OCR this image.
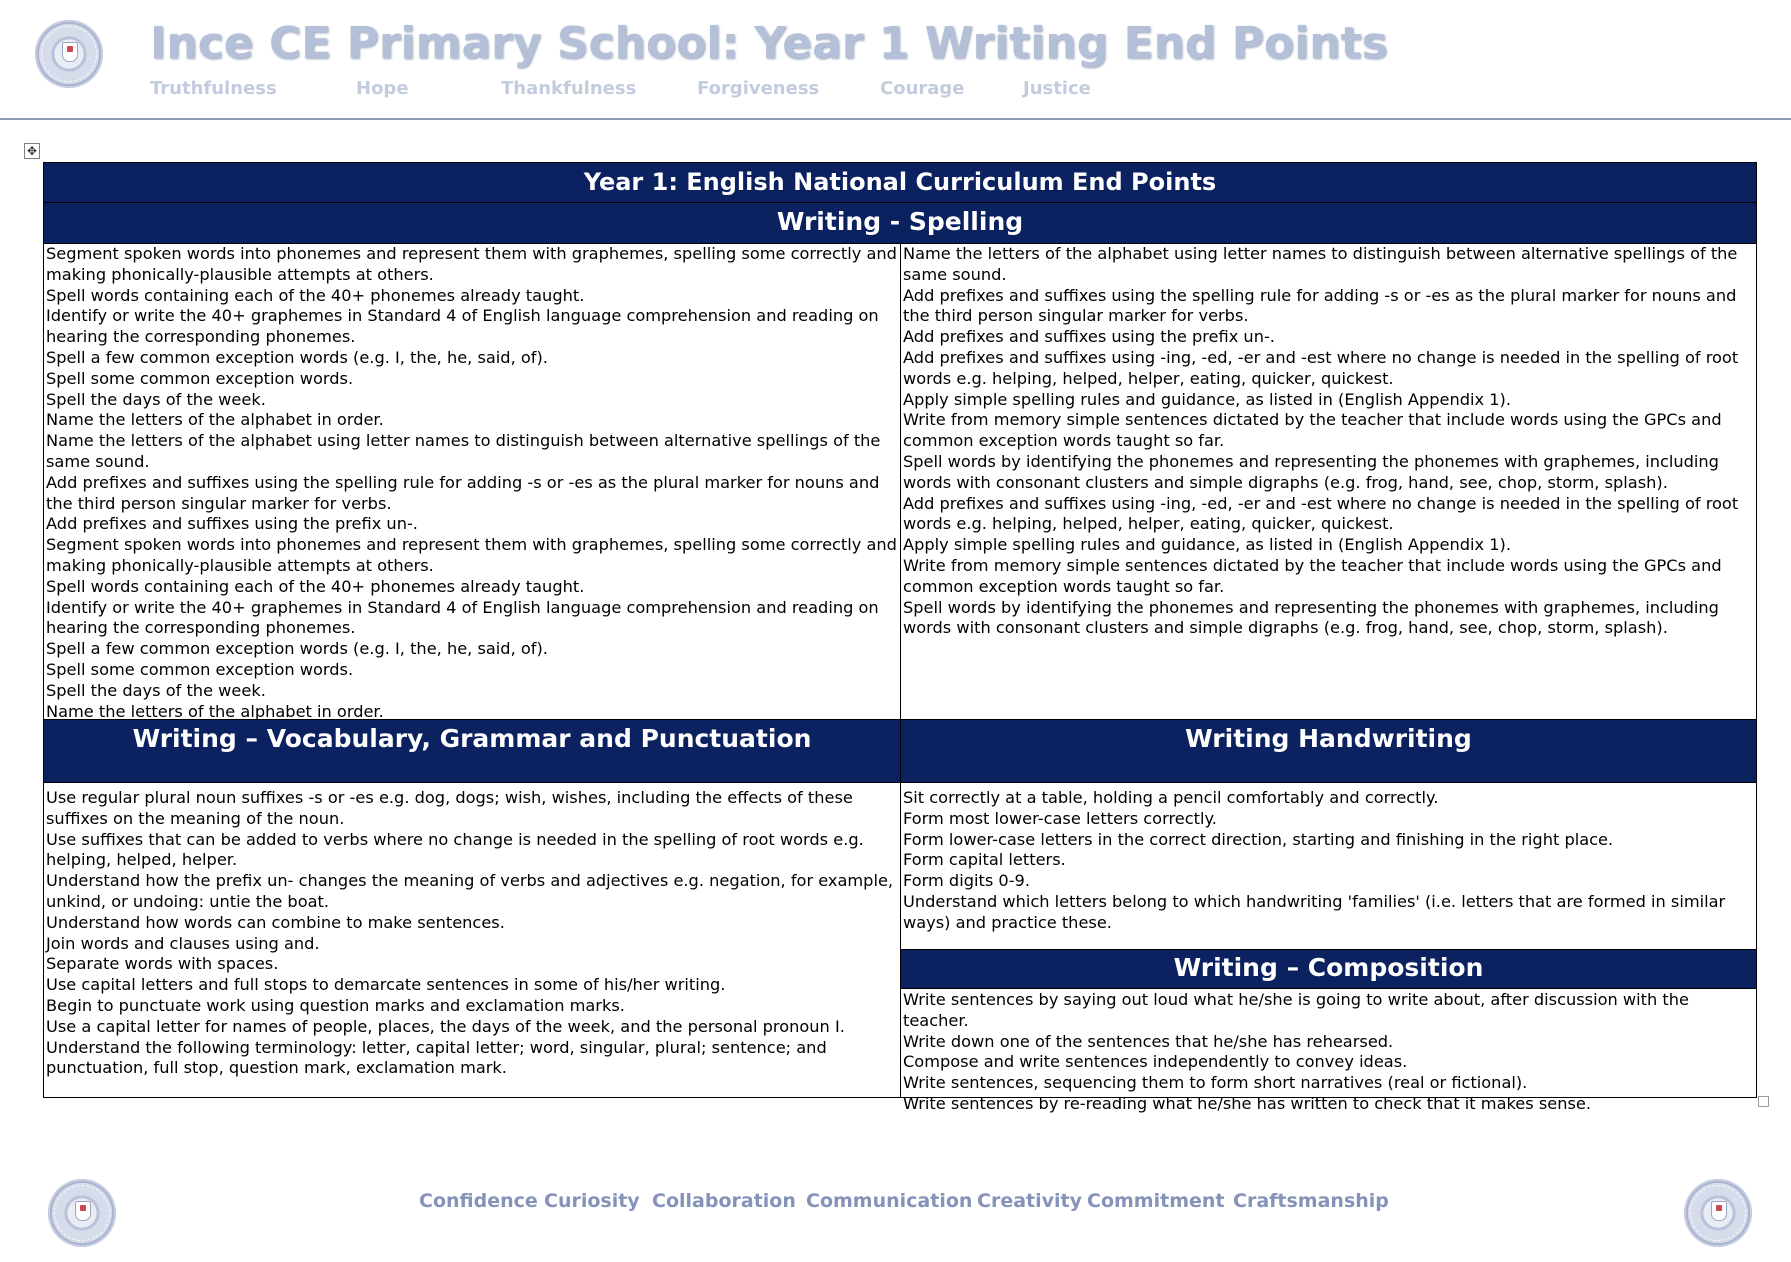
Ince CE Primary School: Year 1 Writing End Points
Truthfulness	Hope	Thankfulness	Forgiveness	Courage	Justice
✥
Year 1: English National Curriculum End Points
Writing - Spelling

Segment spoken words into phonemes and represent them with graphemes, spelling some correctly and making phonically-plausible attempts at others.

Spell words containing each of the 40+ phonemes already taught.

Identify or write the 40+ graphemes in Standard 4 of English language comprehension and reading on hearing the corresponding phonemes.

Spell a few common exception words (e.g. I, the, he, said, of).

Spell some common exception words.

Spell the days of the week.

Name the letters of the alphabet in order.

Name the letters of the alphabet using letter names to distinguish between alternative spellings of the same sound.

Add prefixes and suffixes using the spelling rule for adding -s or -es as the plural marker for nouns and the third person singular marker for verbs.

Add prefixes and suffixes using the prefix un-.

Segment spoken words into phonemes and represent them with graphemes, spelling some correctly and making phonically-plausible attempts at others.

Spell words containing each of the 40+ phonemes already taught.

Identify or write the 40+ graphemes in Standard 4 of English language comprehension and reading on hearing the corresponding phonemes.

Spell a few common exception words (e.g. I, the, he, said, of).

Spell some common exception words.

Spell the days of the week.

Name the letters of the alphabet in order.

Name the letters of the alphabet using letter names to distinguish between alternative spellings of the same sound.

Add prefixes and suffixes using the spelling rule for adding -s or -es as the plural marker for nouns and the third person singular marker for verbs.

Add prefixes and suffixes using the prefix un-.

Add prefixes and suffixes using -ing, -ed, -er and -est where no change is needed in the spelling of root words e.g. helping, helped, helper, eating, quicker, quickest.

Apply simple spelling rules and guidance, as listed in (English Appendix 1).

Write from memory simple sentences dictated by the teacher that include words using the GPCs and common exception words taught so far.

Spell words by identifying the phonemes and representing the phonemes with graphemes, including words with consonant clusters and simple digraphs (e.g. frog, hand, see, chop, storm, splash).

Add prefixes and suffixes using -ing, -ed, -er and -est where no change is needed in the spelling of root words e.g. helping, helped, helper, eating, quicker, quickest.

Apply simple spelling rules and guidance, as listed in (English Appendix 1).

Write from memory simple sentences dictated by the teacher that include words using the GPCs and common exception words taught so far.

Spell words by identifying the phonemes and representing the phonemes with graphemes, including words with consonant clusters and simple digraphs (e.g. frog, hand, see, chop, storm, splash).

Writing – Vocabulary, Grammar and Punctuation

Use regular plural noun suffixes -s or -es e.g. dog, dogs; wish, wishes, including the effects of these suffixes on the meaning of the noun.

Use suffixes that can be added to verbs where no change is needed in the spelling of root words e.g. helping, helped, helper.

Understand how the prefix un- changes the meaning of verbs and adjectives e.g. negation, for example, unkind, or undoing: untie the boat.

Understand how words can combine to make sentences.

Join words and clauses using and.

Separate words with spaces.

Use capital letters and full stops to demarcate sentences in some of his/her writing.

Begin to punctuate work using question marks and exclamation marks.

Use a capital letter for names of people, places, the days of the week, and the personal pronoun I.

Understand the following terminology: letter, capital letter; word, singular, plural; sentence; and punctuation, full stop, question mark, exclamation mark.

Writing Handwriting

Sit correctly at a table, holding a pencil comfortably and correctly.

Form most lower-case letters correctly.

Form lower-case letters in the correct direction, starting and finishing in the right place.

Form capital letters.

Form digits 0-9.

Understand which letters belong to which handwriting 'families' (i.e. letters that are formed in similar ways) and practice these.

Writing – Composition

Write sentences by saying out loud what he/she is going to write about, after discussion with the teacher.

Write down one of the sentences that he/she has rehearsed.

Compose and write sentences independently to convey ideas.

Write sentences, sequencing them to form short narratives (real or fictional).

Write sentences by re-reading what he/she has written to check that it makes sense.

Confidence Curiosity Collaboration Communication Creativity Commitment Craftsmanship
